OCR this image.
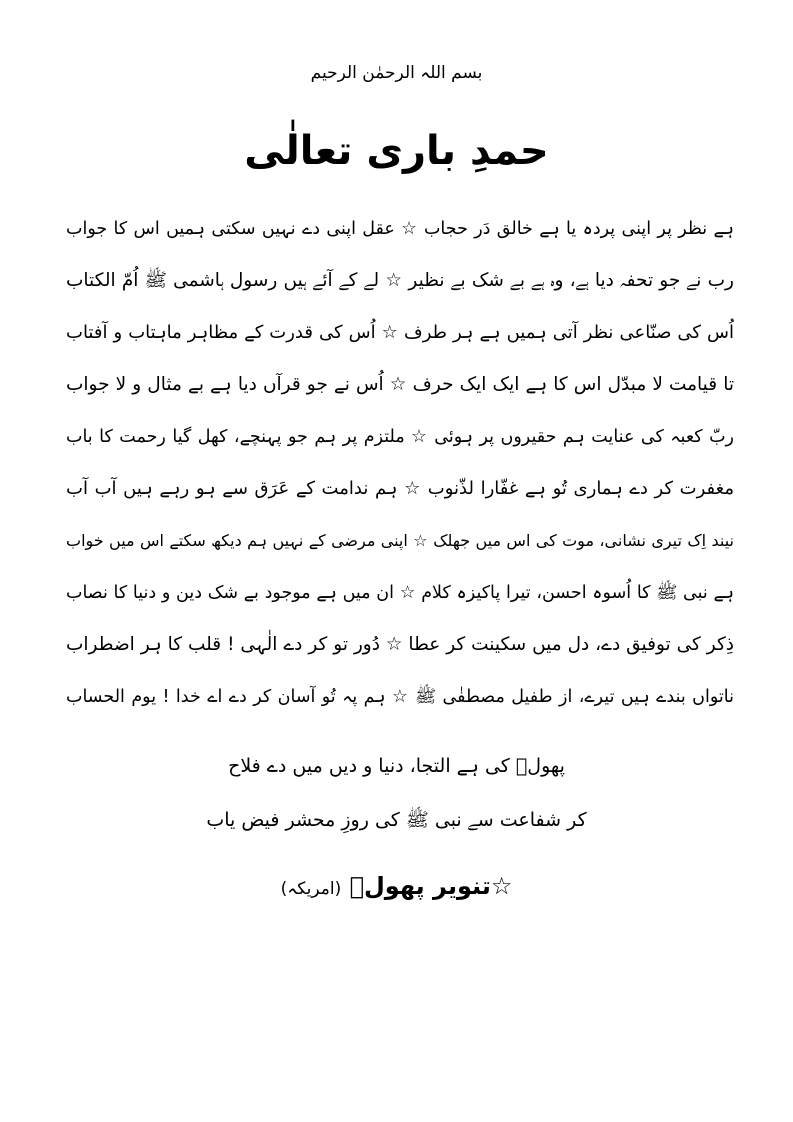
بسم اللہ الرحمٰن الرحیم
حمدِ باری تعالٰی
ہے نظر پر اپنی پردہ یا ہے خالق دَر حجاب ☆ عقل اپنی دے نہیں سکتی ہمیں اس کا جواب
رب نے جو تحفہ دیا ہے، وہ ہے بے شک بے نظیر ☆ لے کے آئے ہیں رسول ہاشمی ﷺ اُمّ الکتاب
اُس کی صنّاعی نظر آتی ہمیں ہے ہر طرف ☆ اُس کی قدرت کے مظاہر ماہتاب و آفتاب
تا قیامت لا مبدّل اس کا ہے ایک ایک حرف ☆ اُس نے جو قرآں دیا ہے بے مثال و لا جواب
ربّ کعبہ کی عنایت ہم حقیروں پر ہوئی ☆ ملتزم پر ہم جو پہنچے، کھل گیا رحمت کا باب
مغفرت کر دے ہماری تُو ہے غفّارا لذّنوب ☆ ہم ندامت کے عَرَق سے ہو رہے ہیں آب آب
نیند اِک تیری نشانی، موت کی اس میں جھلک ☆ اپنی مرضی کے نہیں ہم دیکھ سکتے اس میں خواب
ہے نبی ﷺ کا اُسوہ احسن، تیرا پاکیزہ کلام ☆ ان میں ہے موجود بے شک دین و دنیا کا نصاب
ذِکر کی توفیق دے، دل میں سکینت کر عطا ☆ دُور تو کر دے الٰہی ! قلب کا ہر اضطراب
ناتواں بندے ہیں تیرے، از طفیل مصطفٰی ﷺ ☆ ہم پہ تُو آسان کر دے اے خدا ! یوم الحساب
پھولؔ کی ہے التجا، دنیا و دیں میں دے فلاح
کر شفاعت سے نبی ﷺ کی روزِ محشر فیض یاب
☆تنویر پھولؔ (امریکہ)
